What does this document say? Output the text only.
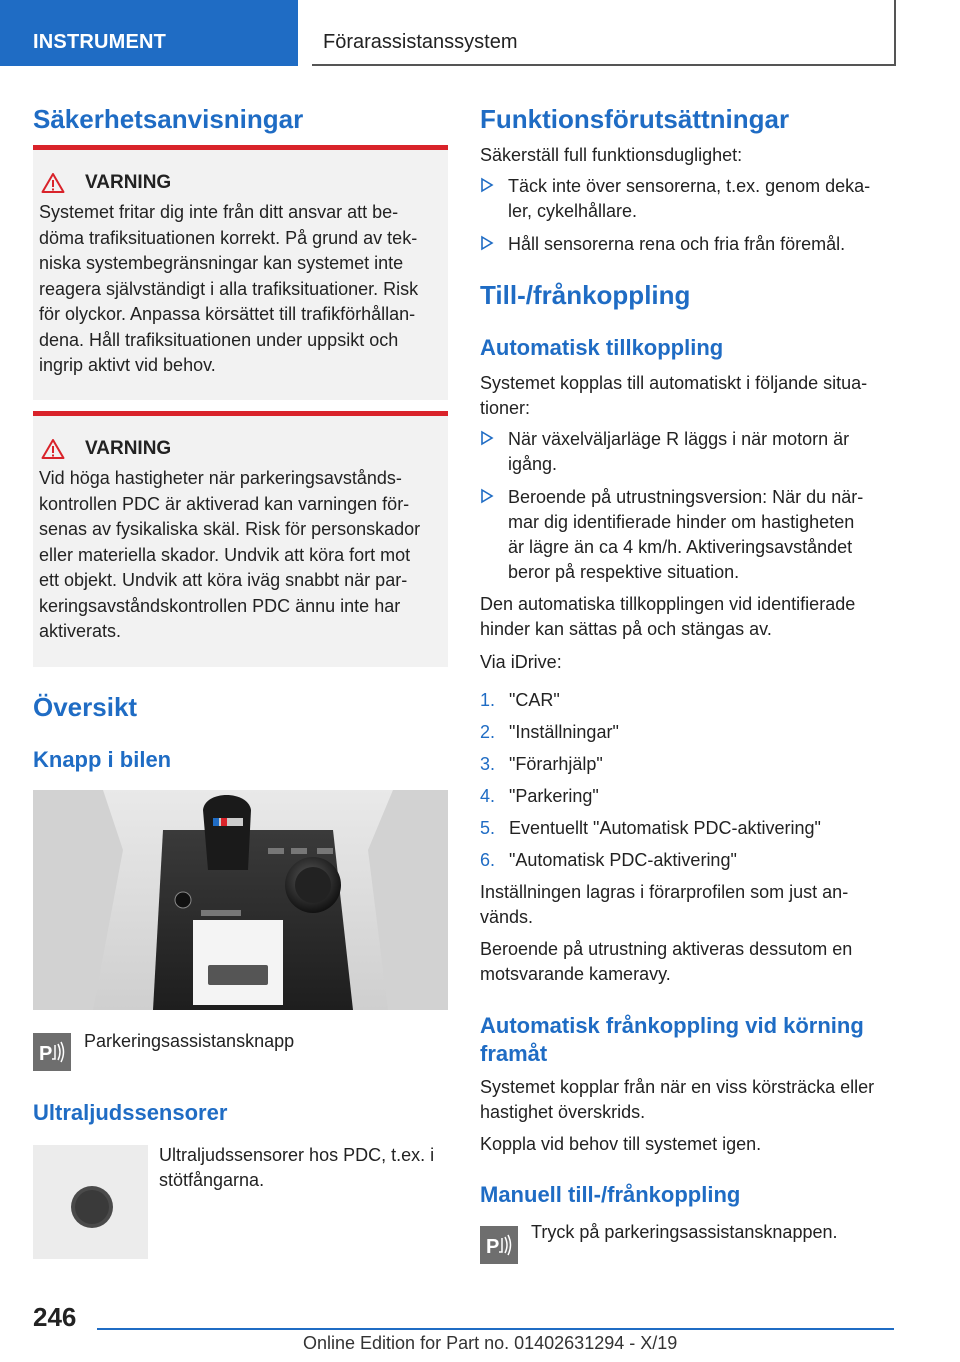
INSTRUMENT	Förarassistanssystem
Säkerhetsanvisningar
VARNING
Systemet fritar dig inte från ditt ansvar att be-
döma trafiksituationen korrekt. På grund av tek-
niska systembegränsningar kan systemet inte
reagera självständigt i alla trafiksituationer. Risk
för olyckor. Anpassa körsättet till trafikförhållan-
dena. Håll trafiksituationen under uppsikt och
ingrip aktivt vid behov.
VARNING
Vid höga hastigheter när parkeringsavstånds-
kontrollen PDC är aktiverad kan varningen för-
senas av fysikaliska skäl. Risk för personskador
eller materiella skador. Undvik att köra fort mot
ett objekt. Undvik att köra iväg snabbt när par-
keringsavståndskontrollen PDC ännu inte har
aktiverats.
Översikt
Knapp i bilen
P
Parkeringsassistansknapp
Ultraljudssensorer
Ultraljudssensorer hos PDC, t.ex. i
stötfångarna.
Funktionsförutsättningar
Säkerställ full funktionsduglighet:
Täck inte över sensorerna, t.ex. genom deka-
ler, cykelhållare.
Håll sensorerna rena och fria från föremål.
Till-/frånkoppling
Automatisk tillkoppling
Systemet kopplas till automatiskt i följande situa-
tioner:
När växelväljarläge R läggs i när motorn är
igång.
Beroende på utrustningsversion: När du när-
mar dig identifierade hinder om hastigheten
är lägre än ca 4 km/h. Aktiveringsavståndet
beror på respektive situation.
Den automatiska tillkopplingen vid identifierade
hinder kan sättas på och stängas av.
Via iDrive:
1. "CAR"
2. "Inställningar"
3. "Förarhjälp"
4. "Parkering"
5. Eventuellt "Automatisk PDC-aktivering"
6. "Automatisk PDC-aktivering"
Inställningen lagras i förarprofilen som just an-
vänds.
Beroende på utrustning aktiveras dessutom en
motsvarande kameravy.
Automatisk frånkoppling vid körning
framåt
Systemet kopplar från när en viss körsträcka eller
hastighet överskrids.
Koppla vid behov till systemet igen.
Manuell till-/frånkoppling
P
Tryck på parkeringsassistansknappen.
246
Online Edition for Part no. 01402631294 - X/19
